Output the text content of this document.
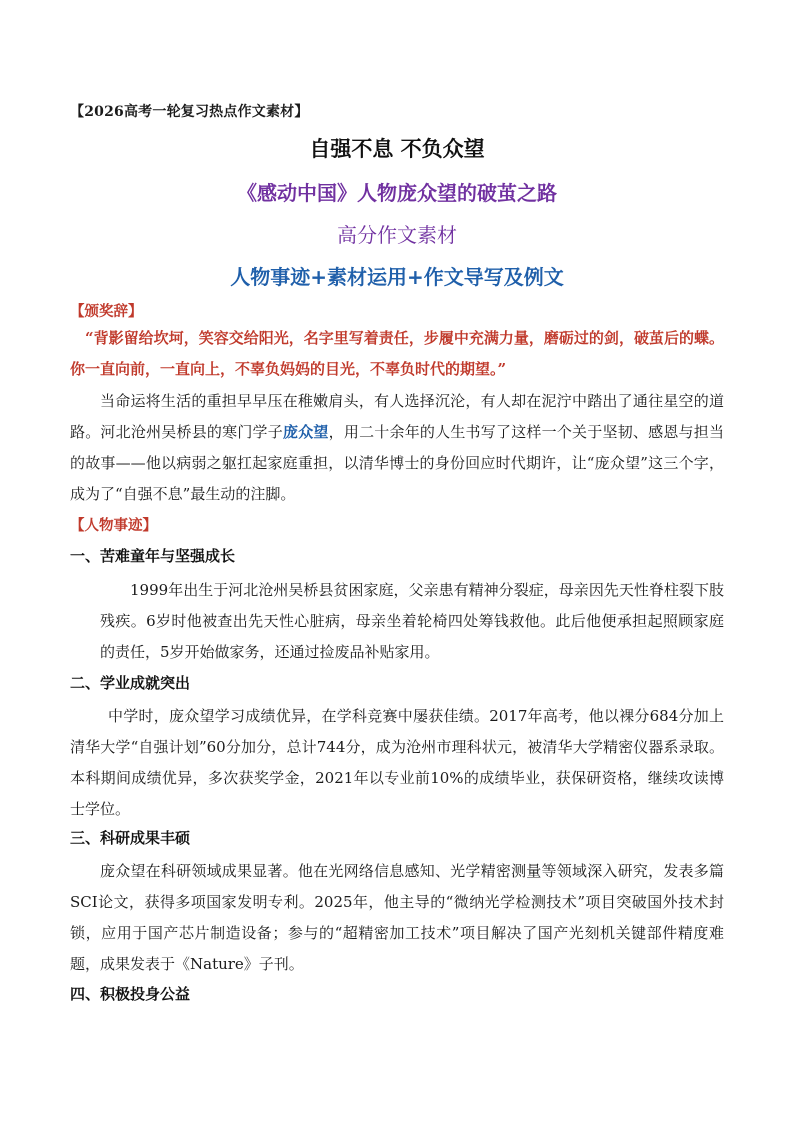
【2026高考一轮复习热点作文素材】
自强不息 不负众望
《感动中国》人物庞众望的破茧之路
高分作文素材
人物事迹+素材运用+作文导写及例文
【颁奖辞】

“背影留给坎坷，笑容交给阳光，名字里写着责任，步履中充满力量，磨砺过的剑，破茧后的蝶。你一直向前，一直向上，不辜负妈妈的目光，不辜负时代的期望。”

当命运将生活的重担早早压在稚嫩肩头，有人选择沉沦，有人却在泥泞中踏出了通往星空的道路。河北沧州吴桥县的寒门学子庞众望，用二十余年的人生书写了这样一个关于坚韧、感恩与担当的故事——他以病弱之躯扛起家庭重担，以清华博士的身份回应时代期许，让“庞众望”这三个字，成为了“自强不息”最生动的注脚。

【人物事迹】
一、苦难童年与坚强成长

1999年出生于河北沧州吴桥县贫困家庭，父亲患有精神分裂症，母亲因先天性脊柱裂下肢残疾。6岁时他被查出先天性心脏病，母亲坐着轮椅四处筹钱救他。此后他便承担起照顾家庭的责任，5岁开始做家务，还通过捡废品补贴家用。

二、学业成就突出

中学时，庞众望学习成绩优异，在学科竞赛中屡获佳绩。2017年高考，他以裸分684分加上清华大学“自强计划”60分加分，总计744分，成为沧州市理科状元，被清华大学精密仪器系录取。本科期间成绩优异，多次获奖学金，2021年以专业前10%的成绩毕业，获保研资格，继续攻读博士学位。

三、科研成果丰硕

庞众望在科研领域成果显著。他在光网络信息感知、光学精密测量等领域深入研究，发表多篇SCI论文，获得多项国家发明专利。2025年，他主导的“微纳光学检测技术”项目突破国外技术封锁，应用于国产芯片制造设备；参与的“超精密加工技术”项目解决了国产光刻机关键部件精度难题，成果发表于《Nature》子刊。

四、积极投身公益
